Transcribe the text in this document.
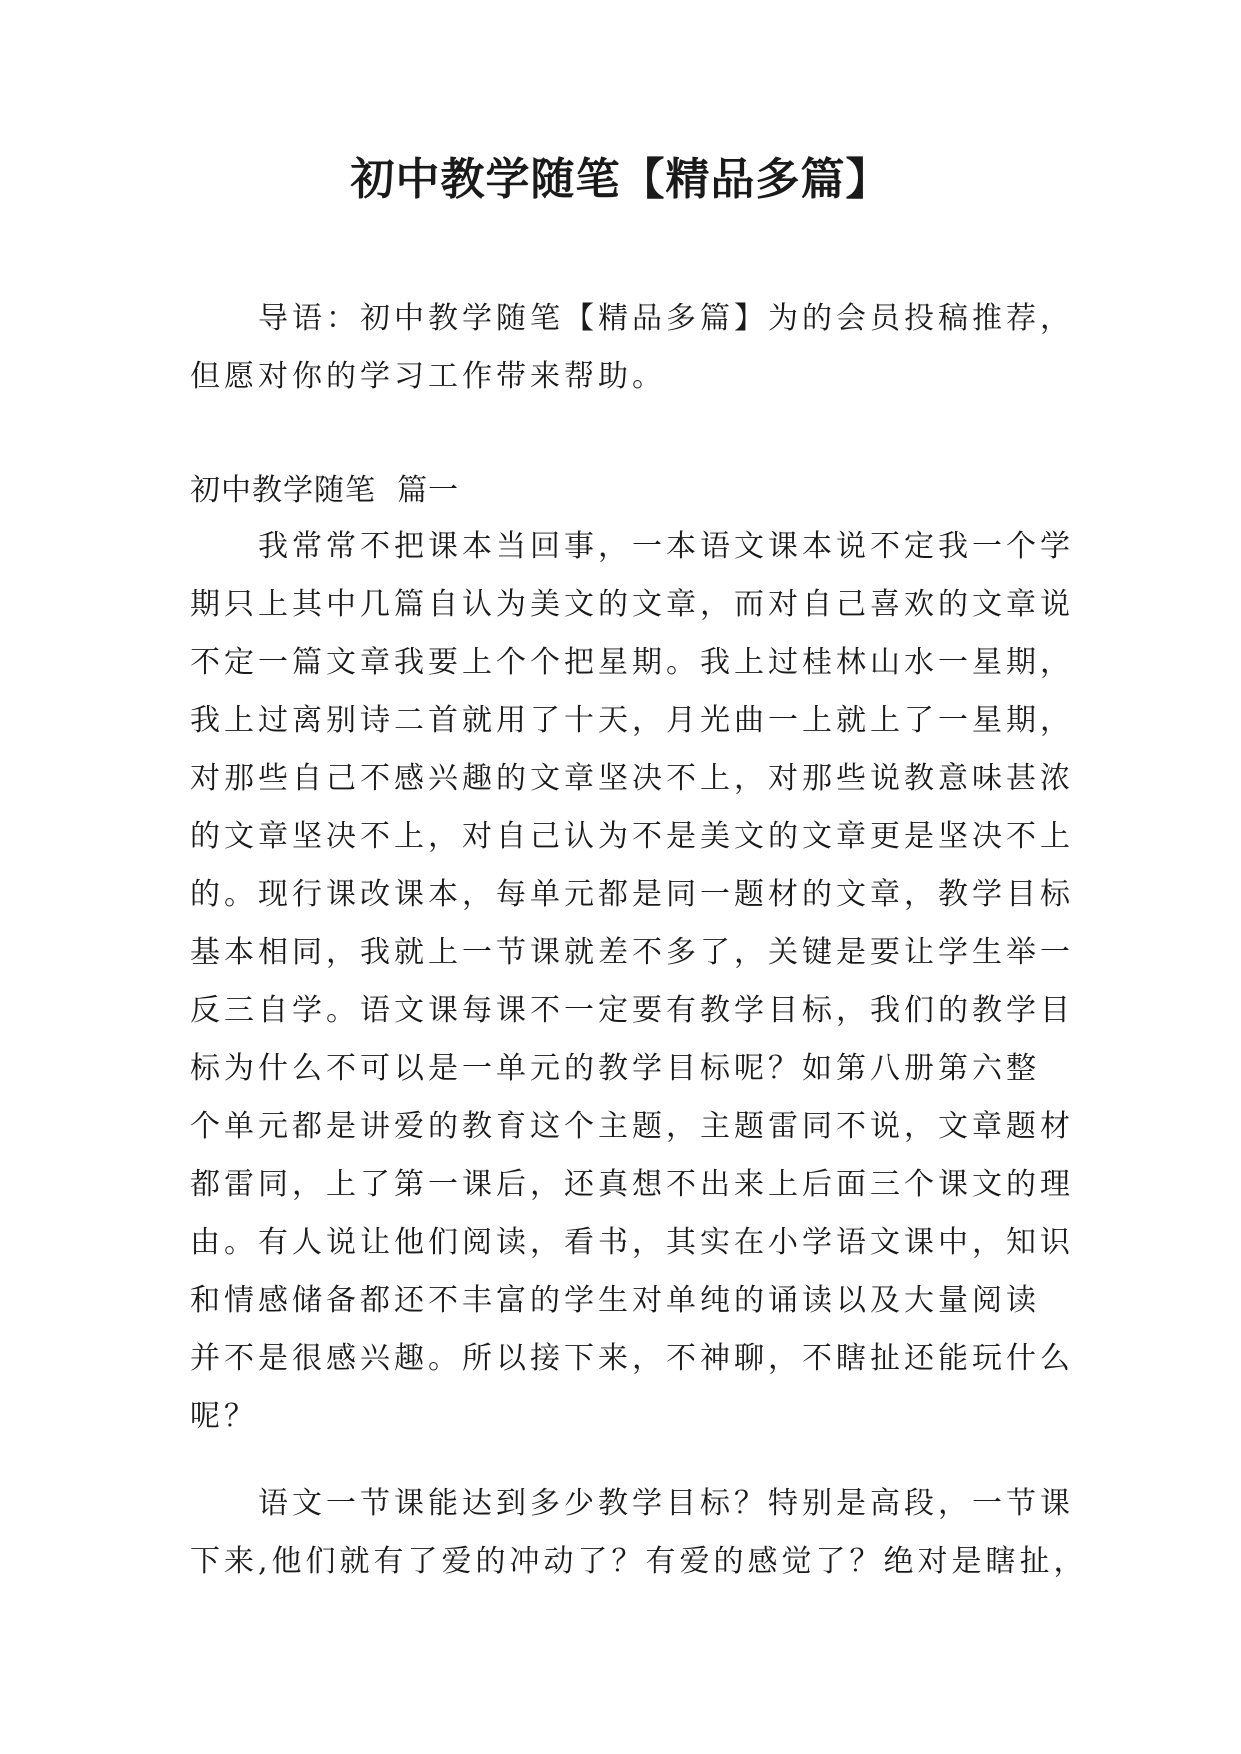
初中教学随笔【精品多篇】
　　导语：初中教学随笔【精品多篇】为的会员投稿推荐，
但愿对你的学习工作带来帮助。
初中教学随笔  篇一
　　我常常不把课本当回事，一本语文课本说不定我一个学
期只上其中几篇自认为美文的文章，而对自己喜欢的文章说
不定一篇文章我要上个个把星期。我上过桂林山水一星期，
我上过离别诗二首就用了十天，月光曲一上就上了一星期，
对那些自己不感兴趣的文章坚决不上，对那些说教意味甚浓
的文章坚决不上，对自己认为不是美文的文章更是坚决不上
的。现行课改课本，每单元都是同一题材的文章，教学目标
基本相同，我就上一节课就差不多了，关键是要让学生举一
反三自学。语文课每课不一定要有教学目标，我们的教学目
标为什么不可以是一单元的教学目标呢？如第八册第六整
个单元都是讲爱的教育这个主题，主题雷同不说，文章题材
都雷同，上了第一课后，还真想不出来上后面三个课文的理
由。有人说让他们阅读，看书，其实在小学语文课中，知识
和情感储备都还不丰富的学生对单纯的诵读以及大量阅读
并不是很感兴趣。所以接下来，不神聊，不瞎扯还能玩什么
呢？
　　语文一节课能达到多少教学目标？特别是高段，一节课
下来,他们就有了爱的冲动了？有爱的感觉了？绝对是瞎扯，
